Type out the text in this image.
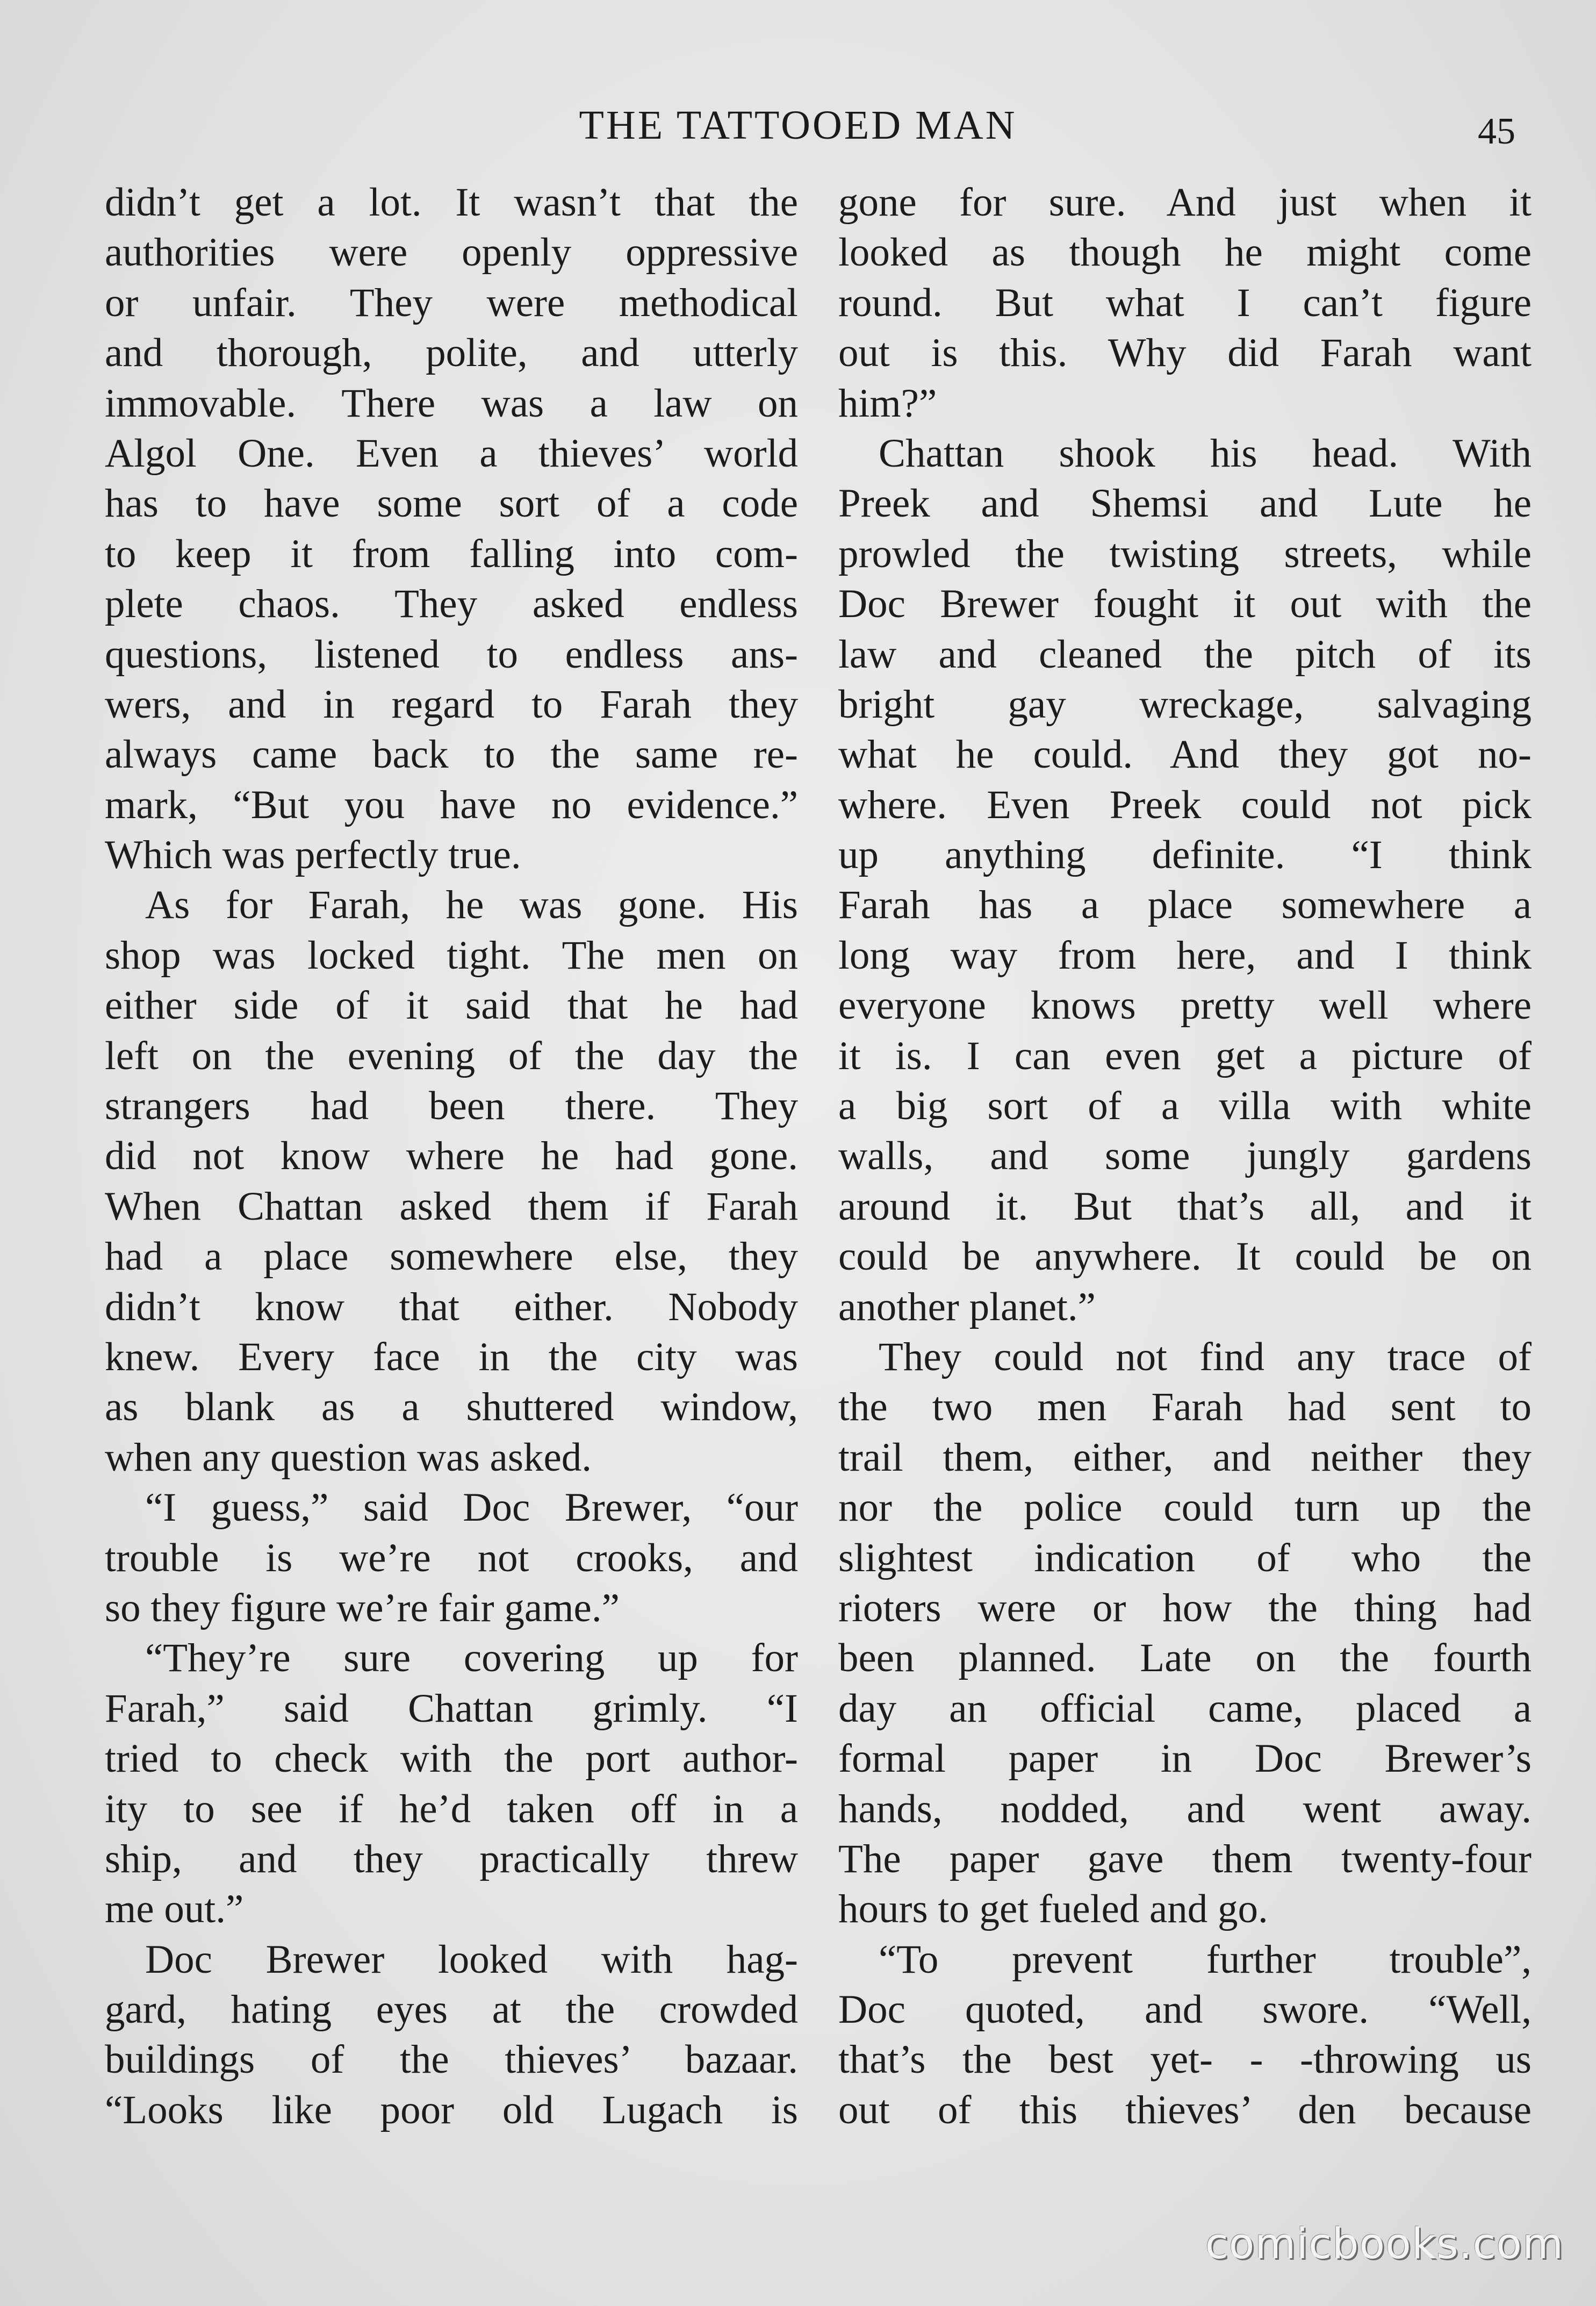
THE TATTOOED MAN	45
didn’t get a lot. It wasn’t that the
authorities were openly oppressive
or unfair. They were methodical
and thorough, polite, and utterly
immovable. There was a law on
Algol One. Even a thieves’ world
has to have some sort of a code
to keep it from falling into com-
plete chaos. They asked endless
questions, listened to endless ans-
wers, and in regard to Farah they
always came back to the same re-
mark, “But you have no evidence.”
Which was perfectly true.
As for Farah, he was gone. His
shop was locked tight. The men on
either side of it said that he had
left on the evening of the day the
strangers had been there. They
did not know where he had gone.
When Chattan asked them if Farah
had a place somewhere else, they
didn’t know that either. Nobody
knew. Every face in the city was
as blank as a shuttered window,
when any question was asked.
“I guess,” said Doc Brewer, “our
trouble is we’re not crooks, and
so they figure we’re fair game.”
“They’re sure covering up for
Farah,” said Chattan grimly. “I
tried to check with the port author-
ity to see if he’d taken off in a
ship, and they practically threw
me out.”
Doc Brewer looked with hag-
gard, hating eyes at the crowded
buildings of the thieves’ bazaar.
“Looks like poor old Lugach is
gone for sure. And just when it
looked as though he might come
round. But what I can’t figure
out is this. Why did Farah want
him?”
Chattan shook his head. With
Preek and Shemsi and Lute he
prowled the twisting streets, while
Doc Brewer fought it out with the
law and cleaned the pitch of its
bright gay wreckage, salvaging
what he could. And they got no-
where. Even Preek could not pick
up anything definite. “I think
Farah has a place somewhere a
long way from here, and I think
everyone knows pretty well where
it is. I can even get a picture of
a big sort of a villa with white
walls, and some jungly gardens
around it. But that’s all, and it
could be anywhere. It could be on
another planet.”
They could not find any trace of
the two men Farah had sent to
trail them, either, and neither they
nor the police could turn up the
slightest indication of who the
rioters were or how the thing had
been planned. Late on the fourth
day an official came, placed a
formal paper in Doc Brewer’s
hands, nodded, and went away.
The paper gave them twenty-four
hours to get fueled and go.
“To prevent further trouble”,
Doc quoted, and swore. “Well,
that’s the best yet- - -throwing us
out of this thieves’ den because
comicbooks.com
